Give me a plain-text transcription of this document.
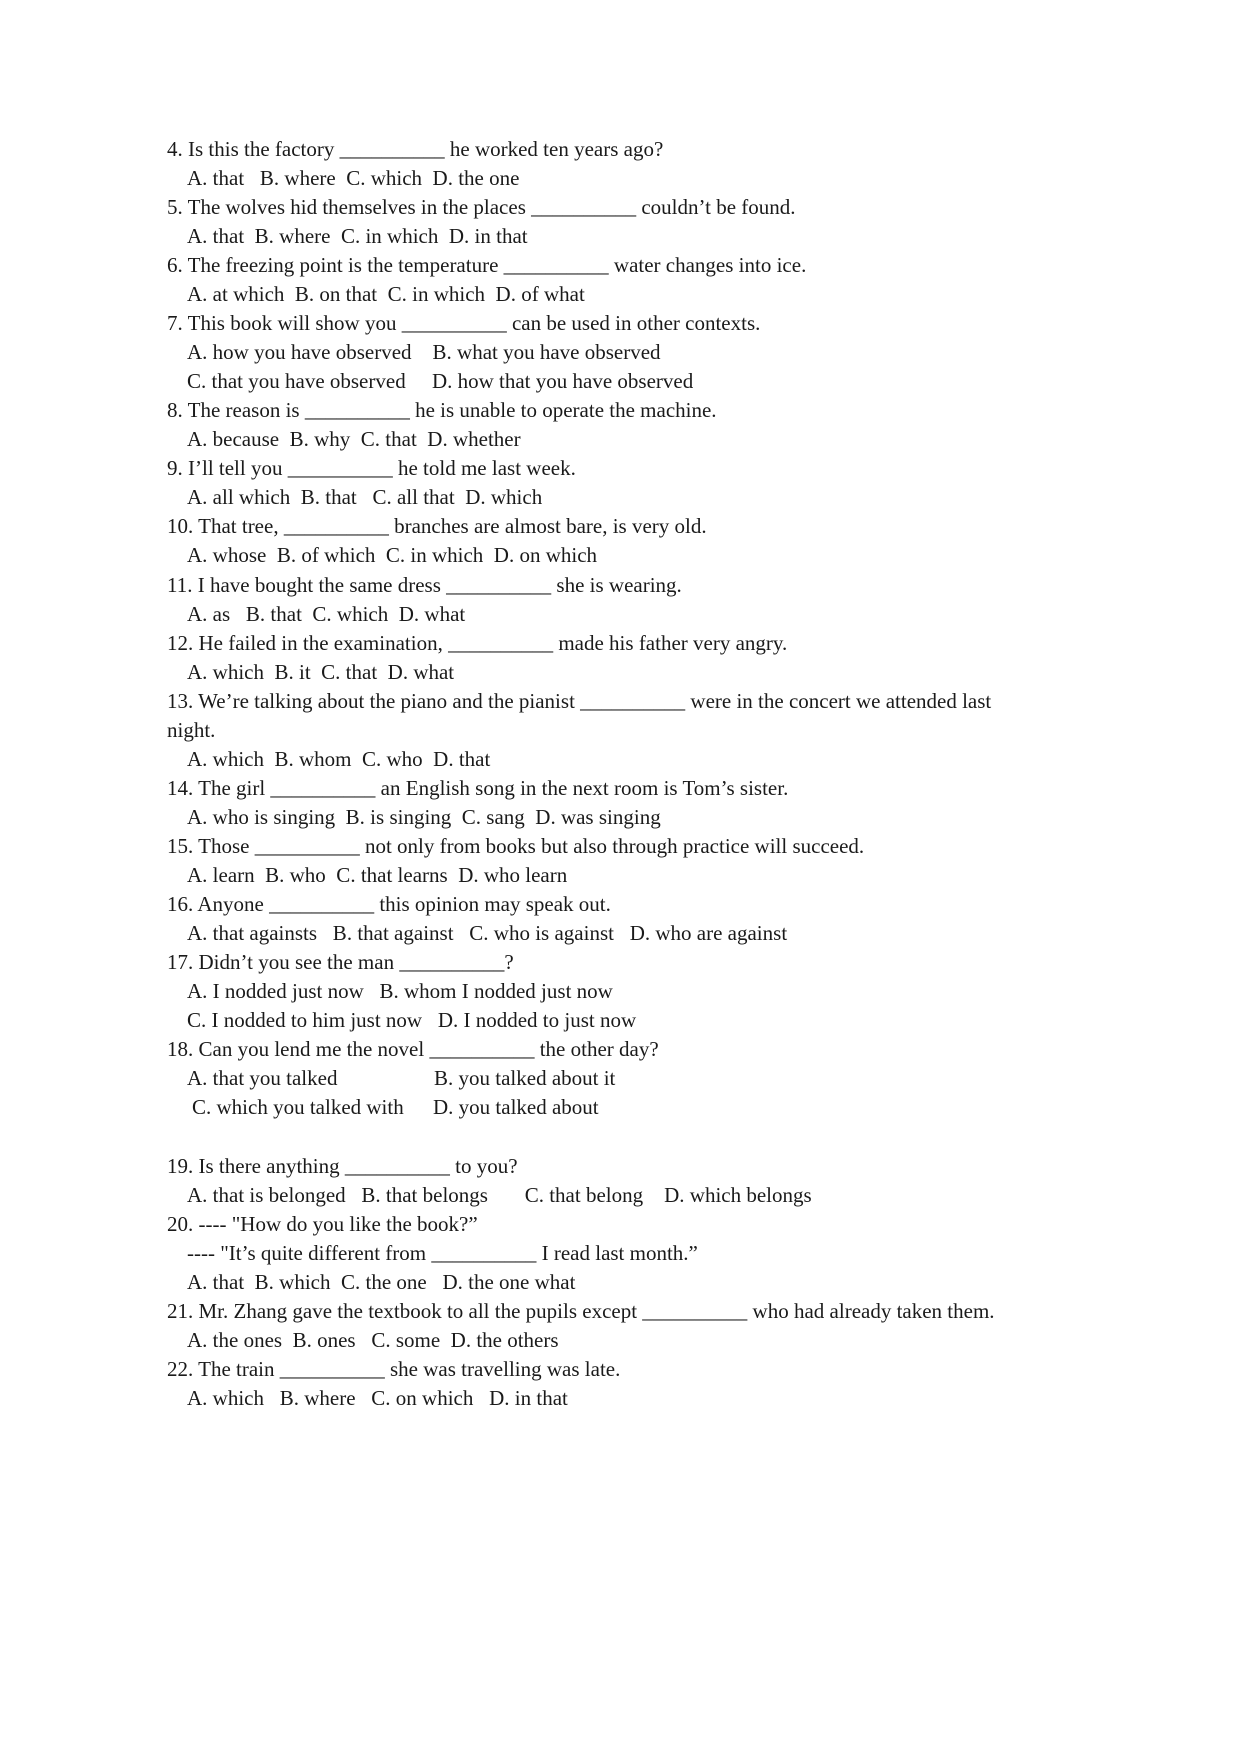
4. Is this the factory __________ he worked ten years ago?
A. that   B. where  C. which  D. the one
5. The wolves hid themselves in the places __________ couldn’t be found.
A. that  B. where  C. in which  D. in that
6. The freezing point is the temperature __________ water changes into ice.
A. at which  B. on that  C. in which  D. of what
7. This book will show you __________ can be used in other contexts.
A. how you have observed    B. what you have observed
C. that you have observed     D. how that you have observed
8. The reason is __________ he is unable to operate the machine.
A. because  B. why  C. that  D. whether
9. I’ll tell you __________ he told me last week.
A. all which  B. that   C. all that  D. which
10. That tree, __________ branches are almost bare, is very old.
A. whose  B. of which  C. in which  D. on which
11. I have bought the same dress __________ she is wearing.
A. as   B. that  C. which  D. what
12. He failed in the examination, __________ made his father very angry.
A. which  B. it  C. that  D. what
13. We’re talking about the piano and the pianist __________ were in the concert we attended last
night.
A. which  B. whom  C. who  D. that
14. The girl __________ an English song in the next room is Tom’s sister.
A. who is singing  B. is singing  C. sang  D. was singing
15. Those __________ not only from books but also through practice will succeed.
A. learn  B. who  C. that learns  D. who learn
16. Anyone __________ this opinion may speak out.
A. that againsts   B. that against   C. who is against   D. who are against
17. Didn’t you see the man __________?
A. I nodded just now   B. whom I nodded just now
C. I nodded to him just now   D. I nodded to just now
18. Can you lend me the novel __________ the other day?
A. that you talked	B. you talked about it
C. which you talked with D. you talked about
19. Is there anything __________ to you?
A. that is belonged   B. that belongs       C. that belong    D. which belongs
20. ---- "How do you like the book?”
---- "It’s quite different from __________ I read last month.”
A. that  B. which  C. the one   D. the one what
21. Mr. Zhang gave the textbook to all the pupils except __________ who had already taken them.
A. the ones  B. ones   C. some  D. the others
22. The train __________ she was travelling was late.
A. which   B. where   C. on which   D. in that
